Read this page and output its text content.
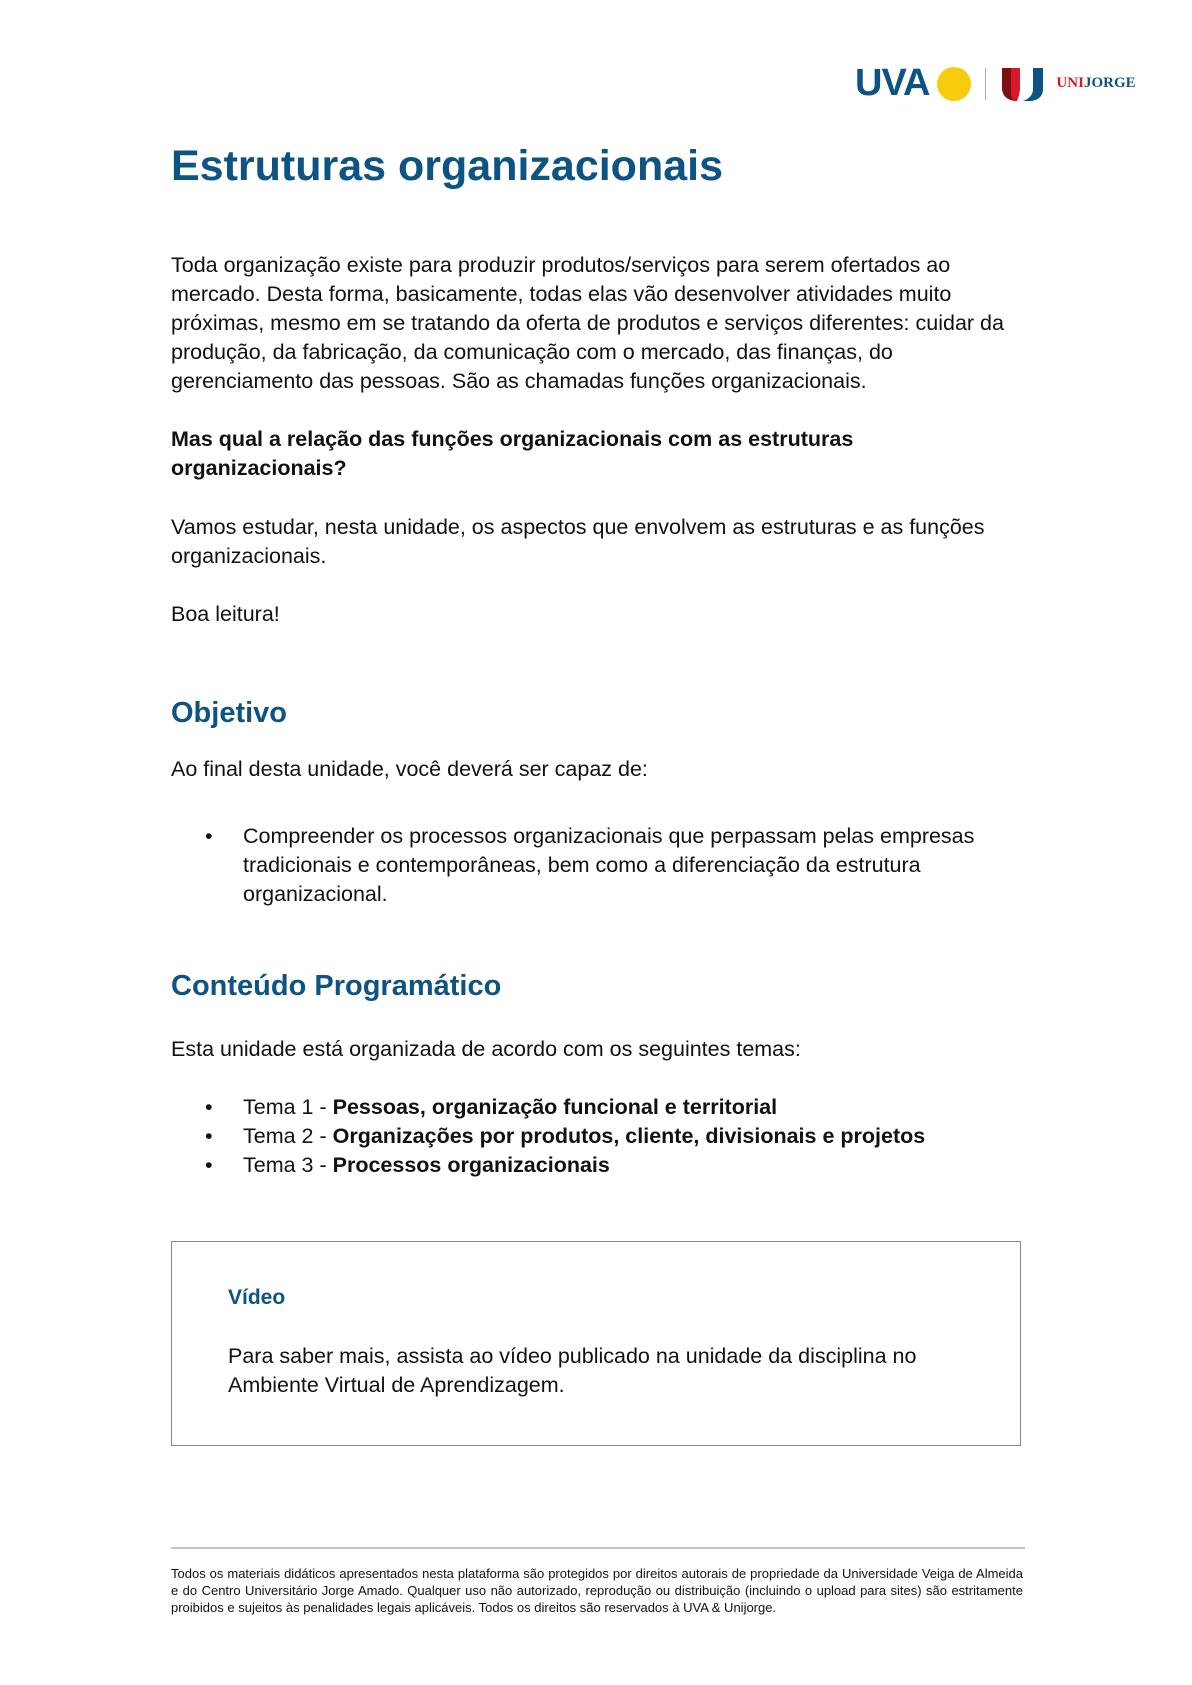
UVA	UNIJORGE
Estruturas organizacionais

Toda organização existe para produzir produtos/serviços para serem ofertados ao mercado. Desta forma, basicamente, todas elas vão desenvolver atividades muito próximas, mesmo em se tratando da oferta de produtos e serviços diferentes: cuidar da produção, da fabricação, da comunicação com o mercado, das finanças, do gerenciamento das pessoas. São as chamadas funções organizacionais.

Mas qual a relação das funções organizacionais com as estruturas organizacionais?

Vamos estudar, nesta unidade, os aspectos que envolvem as estruturas e as funções organizacionais.

Boa leitura!

Objetivo

Ao final desta unidade, você deverá ser capaz de:

• Compreender os processos organizacionais que perpassam pelas empresas tradicionais e contemporâneas, bem como a diferenciação da estrutura organizacional.
Conteúdo Programático

Esta unidade está organizada de acordo com os seguintes temas:

• Tema 1 - Pessoas, organização funcional e territorial
• Tema 2 - Organizações por produtos, cliente, divisionais e projetos
• Tema 3 - Processos organizacionais
Vídeo

Para saber mais, assista ao vídeo publicado na unidade da disciplina no Ambiente Virtual de Aprendizagem.

Todos os materiais didáticos apresentados nesta plataforma são protegidos por direitos autorais de propriedade da Universidade Veiga de Almeida e do Centro Universitário Jorge Amado. Qualquer uso não autorizado, reprodução ou distribuição (incluindo o upload para sites) são estritamente proibidos e sujeitos às penalidades legais aplicáveis. Todos os direitos são reservados à UVA & Unijorge.
